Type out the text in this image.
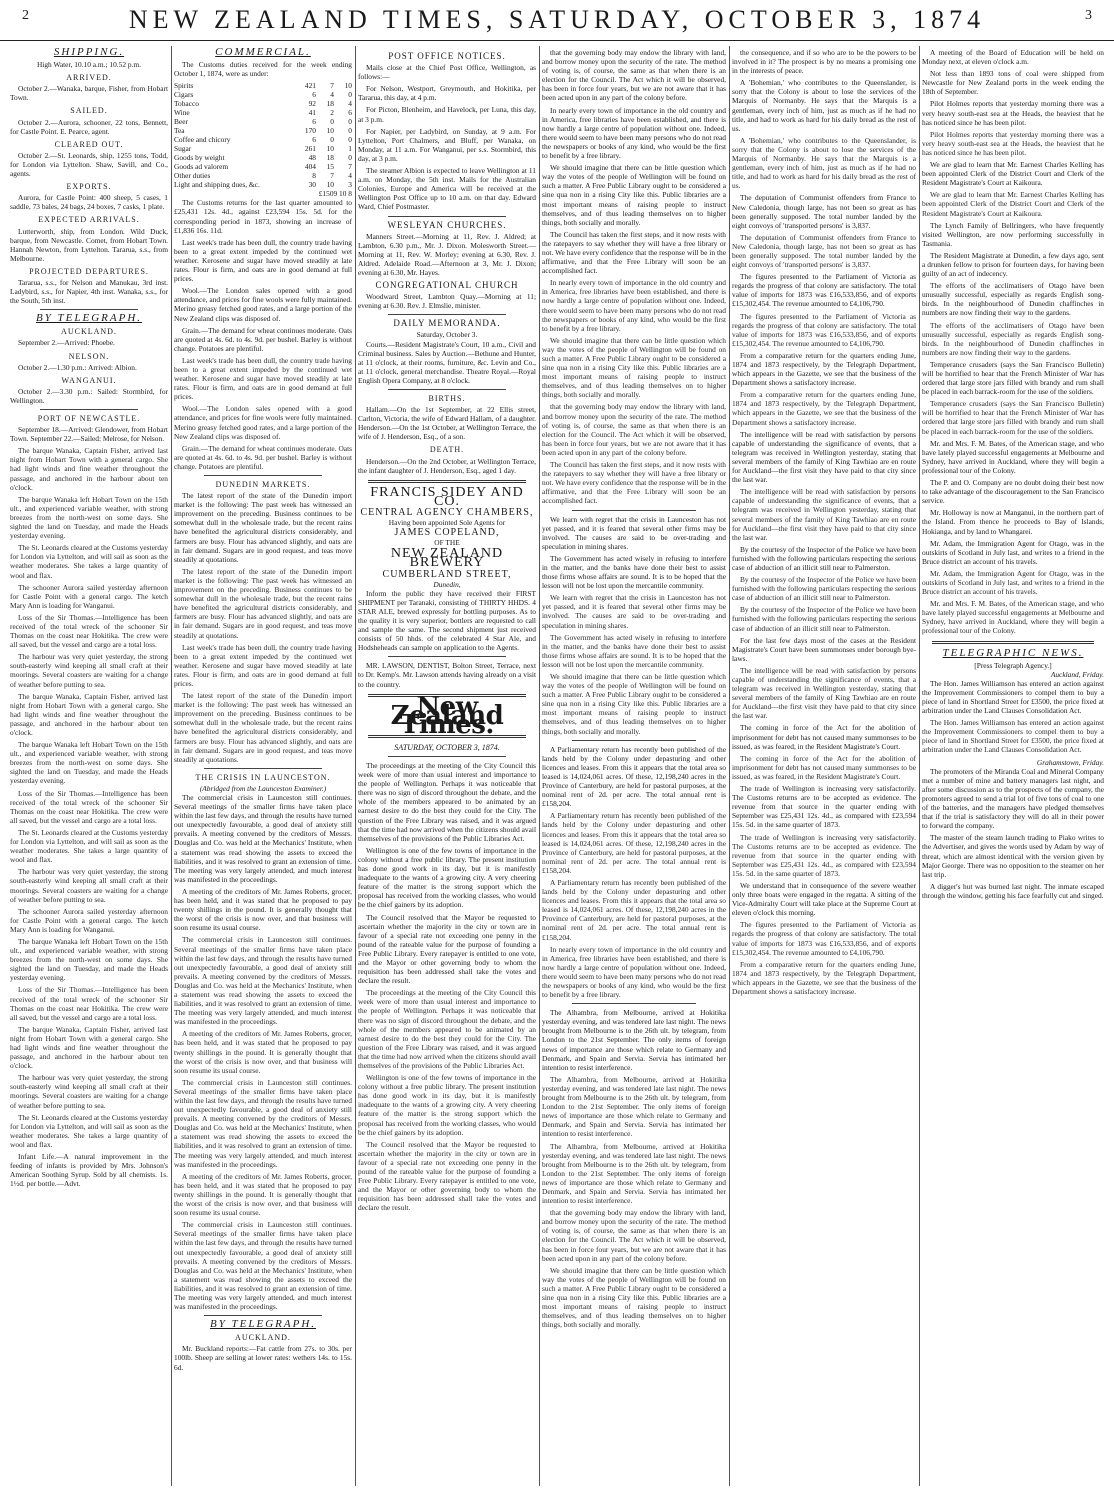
2	NEW ZEALAND TIMES, SATURDAY, OCTOBER 3, 1874	3
SHIPPING.
High Water, 10.10 a.m.; 10.52 p.m.
ARRIVED.
October 2.—Wanaka, barque, Fisher, from Hobart Town.
SAILED.
October 2.—Aurora, schooner, 22 tons, Bennett, for Castle Point. E. Pearce, agent.
CLEARED OUT.
October 2.—St. Leonards, ship, 1255 tons, Todd, for London via Lyttelton. Shaw, Savill, and Co., agents.
EXPORTS.
Aurora, for Castle Point: 400 sheep, 5 cases, 1 saddle, 73 bales, 24 bags, 24 boxes, 7 casks, 1 plate.
EXPECTED ARRIVALS.
Lutterworth, ship, from London. Wild Duck, barque, from Newcastle. Comet, from Hobart Town. Hannah Newton, from Lyttelton. Tararua, s.s., from Melbourne.
PROJECTED DEPARTURES.
Tararua, s.s., for Nelson and Manukau, 3rd inst. Ladybird, s.s., for Napier, 4th inst. Wanaka, s.s., for the South, 5th inst.
BY TELEGRAPH.
AUCKLAND.
September 2.—Arrived: Phoebe.
NELSON.
October 2.—1.30 p.m.: Arrived: Albion.
WANGANUI.
October 2.—3.30 p.m.: Sailed: Stormbird, for Wellington.
PORT OF NEWCASTLE.
September 18.—Arrived: Glendower, from Hobart Town. September 22.—Sailed: Melrose, for Nelson.
The barque Wanaka, Captain Fisher, arrived last night from Hobart Town with a general cargo. She had light winds and fine weather throughout the passage, and anchored in the harbour about ten o'clock.
The barque Wanaka left Hobart Town on the 15th ult., and experienced variable weather, with strong breezes from the north-west on some days. She sighted the land on Tuesday, and made the Heads yesterday evening.
The St. Leonards cleared at the Customs yesterday for London via Lyttelton, and will sail as soon as the weather moderates. She takes a large quantity of wool and flax.
The schooner Aurora sailed yesterday afternoon for Castle Point with a general cargo. The ketch Mary Ann is loading for Wanganui.
Loss of the Sir Thomas.—Intelligence has been received of the total wreck of the schooner Sir Thomas on the coast near Hokitika. The crew were all saved, but the vessel and cargo are a total loss.
The harbour was very quiet yesterday, the strong south-easterly wind keeping all small craft at their moorings. Several coasters are waiting for a change of weather before putting to sea.
The barque Wanaka, Captain Fisher, arrived last night from Hobart Town with a general cargo. She had light winds and fine weather throughout the passage, and anchored in the harbour about ten o'clock.
The barque Wanaka left Hobart Town on the 15th ult., and experienced variable weather, with strong breezes from the north-west on some days. She sighted the land on Tuesday, and made the Heads yesterday evening.
Loss of the Sir Thomas.—Intelligence has been received of the total wreck of the schooner Sir Thomas on the coast near Hokitika. The crew were all saved, but the vessel and cargo are a total loss.
The St. Leonards cleared at the Customs yesterday for London via Lyttelton, and will sail as soon as the weather moderates. She takes a large quantity of wool and flax.
The harbour was very quiet yesterday, the strong south-easterly wind keeping all small craft at their moorings. Several coasters are waiting for a change of weather before putting to sea.
The schooner Aurora sailed yesterday afternoon for Castle Point with a general cargo. The ketch Mary Ann is loading for Wanganui.
The barque Wanaka left Hobart Town on the 15th ult., and experienced variable weather, with strong breezes from the north-west on some days. She sighted the land on Tuesday, and made the Heads yesterday evening.
Loss of the Sir Thomas.—Intelligence has been received of the total wreck of the schooner Sir Thomas on the coast near Hokitika. The crew were all saved, but the vessel and cargo are a total loss.
The barque Wanaka, Captain Fisher, arrived last night from Hobart Town with a general cargo. She had light winds and fine weather throughout the passage, and anchored in the harbour about ten o'clock.
The harbour was very quiet yesterday, the strong south-easterly wind keeping all small craft at their moorings. Several coasters are waiting for a change of weather before putting to sea.
The St. Leonards cleared at the Customs yesterday for London via Lyttelton, and will sail as soon as the weather moderates. She takes a large quantity of wool and flax.
Infant Life.—A natural improvement in the feeding of infants is provided by Mrs. Johnson's American Soothing Syrup. Sold by all chemists. 1s. 1½d. per bottle.—Advt.
COMMERCIAL.
The Customs duties received for the week ending October 1, 1874, were as under:
Spirits	421	7	10
Cigars	6	4	0
Tobacco	92	18	4
Wine	41	2	6
Beer	6	0	0
Tea	170	10	0
Coffee and chicory	6	0	0
Sugar	261	10	1
Goods by weight	48	18	0
Goods ad valorem	404	15	7
Other duties	8	7	4
Light and shipping dues, &c.	30	10	3
£1509 10 8
The Customs returns for the last quarter amounted to £25,431 12s. 4d., against £23,594 15s. 5d. for the corresponding period in 1873, showing an increase of £1,836 16s. 11d.
Last week's trade has been dull, the country trade having been to a great extent impeded by the continued wet weather. Kerosene and sugar have moved steadily at late rates. Flour is firm, and oats are in good demand at full prices.
Wool.—The London sales opened with a good attendance, and prices for fine wools were fully maintained. Merino greasy fetched good rates, and a large portion of the New Zealand clips was disposed of.
Grain.—The demand for wheat continues moderate. Oats are quoted at 4s. 6d. to 4s. 9d. per bushel. Barley is without change. Potatoes are plentiful.
Last week's trade has been dull, the country trade having been to a great extent impeded by the continued wet weather. Kerosene and sugar have moved steadily at late rates. Flour is firm, and oats are in good demand at full prices.
Wool.—The London sales opened with a good attendance, and prices for fine wools were fully maintained. Merino greasy fetched good rates, and a large portion of the New Zealand clips was disposed of.
Grain.—The demand for wheat continues moderate. Oats are quoted at 4s. 6d. to 4s. 9d. per bushel. Barley is without change. Potatoes are plentiful.
DUNEDIN MARKETS.
The latest report of the state of the Dunedin import market is the following: The past week has witnessed an improvement on the preceding. Business continues to be somewhat dull in the wholesale trade, but the recent rains have benefited the agricultural districts considerably, and farmers are busy. Flour has advanced slightly, and oats are in fair demand. Sugars are in good request, and teas move steadily at quotations.
The latest report of the state of the Dunedin import market is the following: The past week has witnessed an improvement on the preceding. Business continues to be somewhat dull in the wholesale trade, but the recent rains have benefited the agricultural districts considerably, and farmers are busy. Flour has advanced slightly, and oats are in fair demand. Sugars are in good request, and teas move steadily at quotations.
Last week's trade has been dull, the country trade having been to a great extent impeded by the continued wet weather. Kerosene and sugar have moved steadily at late rates. Flour is firm, and oats are in good demand at full prices.
The latest report of the state of the Dunedin import market is the following: The past week has witnessed an improvement on the preceding. Business continues to be somewhat dull in the wholesale trade, but the recent rains have benefited the agricultural districts considerably, and farmers are busy. Flour has advanced slightly, and oats are in fair demand. Sugars are in good request, and teas move steadily at quotations.
THE CRISIS IN LAUNCESTON.
(Abridged from the Launceston Examiner.)
The commercial crisis in Launceston still continues. Several meetings of the smaller firms have taken place within the last few days, and through the results have turned out unexpectedly favourable, a good deal of anxiety still prevails. A meeting convened by the creditors of Messrs. Douglas and Co. was held at the Mechanics' Institute, when a statement was read showing the assets to exceed the liabilities, and it was resolved to grant an extension of time. The meeting was very largely attended, and much interest was manifested in the proceedings.
A meeting of the creditors of Mr. James Roberts, grocer, has been held, and it was stated that he proposed to pay twenty shillings in the pound. It is generally thought that the worst of the crisis is now over, and that business will soon resume its usual course.
The commercial crisis in Launceston still continues. Several meetings of the smaller firms have taken place within the last few days, and through the results have turned out unexpectedly favourable, a good deal of anxiety still prevails. A meeting convened by the creditors of Messrs. Douglas and Co. was held at the Mechanics' Institute, when a statement was read showing the assets to exceed the liabilities, and it was resolved to grant an extension of time. The meeting was very largely attended, and much interest was manifested in the proceedings.
A meeting of the creditors of Mr. James Roberts, grocer, has been held, and it was stated that he proposed to pay twenty shillings in the pound. It is generally thought that the worst of the crisis is now over, and that business will soon resume its usual course.
The commercial crisis in Launceston still continues. Several meetings of the smaller firms have taken place within the last few days, and through the results have turned out unexpectedly favourable, a good deal of anxiety still prevails. A meeting convened by the creditors of Messrs. Douglas and Co. was held at the Mechanics' Institute, when a statement was read showing the assets to exceed the liabilities, and it was resolved to grant an extension of time. The meeting was very largely attended, and much interest was manifested in the proceedings.
A meeting of the creditors of Mr. James Roberts, grocer, has been held, and it was stated that he proposed to pay twenty shillings in the pound. It is generally thought that the worst of the crisis is now over, and that business will soon resume its usual course.
The commercial crisis in Launceston still continues. Several meetings of the smaller firms have taken place within the last few days, and through the results have turned out unexpectedly favourable, a good deal of anxiety still prevails. A meeting convened by the creditors of Messrs. Douglas and Co. was held at the Mechanics' Institute, when a statement was read showing the assets to exceed the liabilities, and it was resolved to grant an extension of time. The meeting was very largely attended, and much interest was manifested in the proceedings.
BY TELEGRAPH.
AUCKLAND.
Mr. Buckland reports:—Fat cattle from 27s. to 30s. per 100lb. Sheep are selling at lower rates: wethers 14s. to 15s. 6d.
POST OFFICE NOTICES.
Mails close at the Chief Post Office, Wellington, as follows:—
For Nelson, Westport, Greymouth, and Hokitika, per Tararua, this day, at 4 p.m.
For Picton, Blenheim, and Havelock, per Luna, this day, at 3 p.m.
For Napier, per Ladybird, on Sunday, at 9 a.m. For Lyttelton, Port Chalmers, and Bluff, per Wanaka, on Monday, at 11 a.m. For Wanganui, per s.s. Stormbird, this day, at 3 p.m.
The steamer Albion is expected to leave Wellington at 11 a.m. on Monday, the 5th inst. Mails for the Australian Colonies, Europe and America will be received at the Wellington Post Office up to 10 a.m. on that day. Edward Ward, Chief Postmaster.
WESLEYAN CHURCHES.
Manners Street.—Morning at 11, Rev. J. Aldred; at Lambton, 6.30 p.m., Mr. J. Dixon. Molesworth Street.—Morning at 11, Rev. W. Morley; evening at 6.30, Rev. J. Aldred. Adelaide Road.—Afternoon at 3, Mr. J. Dixon; evening at 6.30, Mr. Hayes.
CONGREGATIONAL CHURCH
Woodward Street, Lambton Quay.—Morning at 11; evening at 6.30. Rev. J. Elmslie, minister.
DAILY MEMORANDA.
Saturday, October 3.
Courts.—Resident Magistrate's Court, 10 a.m., Civil and Criminal business. Sales by Auction.—Bethune and Hunter, at 11 o'clock, at their rooms, furniture, &c. Levin and Co., at 11 o'clock, general merchandise. Theatre Royal.—Royal English Opera Company, at 8 o'clock.
BIRTHS.
Hallam.—On the 1st September, at 22 Ellis street, Carlton, Victoria, the wife of Edward Hallam, of a daughter. Henderson.—On the 1st October, at Wellington Terrace, the wife of J. Henderson, Esq., of a son.
DEATH.
Henderson.—On the 2nd October, at Wellington Terrace, the infant daughter of J. Henderson, Esq., aged 1 day.
FRANCIS SIDEY AND CO.
CENTRAL AGENCY CHAMBERS,
Having been appointed Sole Agents for
JAMES COPELAND,
OF THE
NEW ZEALAND BREWERY
CUMBERLAND STREET,
Dunedin,
Inform the public they have received their FIRST SHIPMENT per Taranaki, consisting of THIRTY HHDS. 4 STAR ALE, brewed expressly for bottling purposes. As to the quality it is very superior, bottlers are requested to call and sample the same. The second shipment just received consists of 50 hhds. of the celebrated 4 Star Ale, and Hodsheheads can sample on application to the Agents.
MR. LAWSON, DENTIST, Bolton Street, Terrace, next to Dr. Kemp's. Mr. Lawson attends having already on a visit to the country.
New Zealand Times.
SATURDAY, OCTOBER 3, 1874.
The proceedings at the meeting of the City Council this week were of more than usual interest and importance to the people of Wellington. Perhaps it was noticeable that there was no sign of discord throughout the debate, and the whole of the members appeared to be animated by an earnest desire to do the best they could for the City. The question of the Free Library was raised, and it was argued that the time had now arrived when the citizens should avail themselves of the provisions of the Public Libraries Act.
Wellington is one of the few towns of importance in the colony without a free public library. The present institution has done good work in its day, but it is manifestly inadequate to the wants of a growing city. A very cheering feature of the matter is the strong support which the proposal has received from the working classes, who would be the chief gainers by its adoption.
The Council resolved that the Mayor be requested to ascertain whether the majority in the city or town are in favour of a special rate not exceeding one penny in the pound of the rateable value for the purpose of founding a Free Public Library. Every ratepayer is entitled to one vote, and the Mayor or other governing body to whom the requisition has been addressed shall take the votes and declare the result.
The proceedings at the meeting of the City Council this week were of more than usual interest and importance to the people of Wellington. Perhaps it was noticeable that there was no sign of discord throughout the debate, and the whole of the members appeared to be animated by an earnest desire to do the best they could for the City. The question of the Free Library was raised, and it was argued that the time had now arrived when the citizens should avail themselves of the provisions of the Public Libraries Act.
Wellington is one of the few towns of importance in the colony without a free public library. The present institution has done good work in its day, but it is manifestly inadequate to the wants of a growing city. A very cheering feature of the matter is the strong support which the proposal has received from the working classes, who would be the chief gainers by its adoption.
The Council resolved that the Mayor be requested to ascertain whether the majority in the city or town are in favour of a special rate not exceeding one penny in the pound of the rateable value for the purpose of founding a Free Public Library. Every ratepayer is entitled to one vote, and the Mayor or other governing body to whom the requisition has been addressed shall take the votes and declare the result.
that the governing body may endow the library with land, and borrow money upon the security of the rate. The method of voting is, of course, the same as that when there is an election for the Council. The Act which it will be observed, has been in force four years, but we are not aware that it has been acted upon in any part of the colony before.
In nearly every town of importance in the old country and in America, free libraries have been established, and there is now hardly a large centre of population without one. Indeed, there would seem to have been many persons who do not read the newspapers or books of any kind, who would be the first to benefit by a free library.
We should imagine that there can be little question which way the votes of the people of Wellington will be found on such a matter. A Free Public Library ought to be considered a sine qua non in a rising City like this. Public libraries are a most important means of raising people to instruct themselves, and of thus leading themselves on to higher things, both socially and morally.
The Council has taken the first steps, and it now rests with the ratepayers to say whether they will have a free library or not. We have every confidence that the response will be in the affirmative, and that the Free Library will soon be an accomplished fact.
In nearly every town of importance in the old country and in America, free libraries have been established, and there is now hardly a large centre of population without one. Indeed, there would seem to have been many persons who do not read the newspapers or books of any kind, who would be the first to benefit by a free library.
We should imagine that there can be little question which way the votes of the people of Wellington will be found on such a matter. A Free Public Library ought to be considered a sine qua non in a rising City like this. Public libraries are a most important means of raising people to instruct themselves, and of thus leading themselves on to higher things, both socially and morally.
that the governing body may endow the library with land, and borrow money upon the security of the rate. The method of voting is, of course, the same as that when there is an election for the Council. The Act which it will be observed, has been in force four years, but we are not aware that it has been acted upon in any part of the colony before.
The Council has taken the first steps, and it now rests with the ratepayers to say whether they will have a free library or not. We have every confidence that the response will be in the affirmative, and that the Free Library will soon be an accomplished fact.
We learn with regret that the crisis in Launceston has not yet passed, and it is feared that several other firms may be involved. The causes are said to be over-trading and speculation in mining shares.
The Government has acted wisely in refusing to interfere in the matter, and the banks have done their best to assist those firms whose affairs are sound. It is to be hoped that the lesson will not be lost upon the mercantile community.
We learn with regret that the crisis in Launceston has not yet passed, and it is feared that several other firms may be involved. The causes are said to be over-trading and speculation in mining shares.
The Government has acted wisely in refusing to interfere in the matter, and the banks have done their best to assist those firms whose affairs are sound. It is to be hoped that the lesson will not be lost upon the mercantile community.
We should imagine that there can be little question which way the votes of the people of Wellington will be found on such a matter. A Free Public Library ought to be considered a sine qua non in a rising City like this. Public libraries are a most important means of raising people to instruct themselves, and of thus leading themselves on to higher things, both socially and morally.
A Parliamentary return has recently been published of the lands held by the Colony under depasturing and other licences and leases. From this it appears that the total area so leased is 14,024,061 acres. Of these, 12,198,240 acres in the Province of Canterbury, are held for pastoral purposes, at the nominal rent of 2d. per acre. The total annual rent is £158,204.
A Parliamentary return has recently been published of the lands held by the Colony under depasturing and other licences and leases. From this it appears that the total area so leased is 14,024,061 acres. Of these, 12,198,240 acres in the Province of Canterbury, are held for pastoral purposes, at the nominal rent of 2d. per acre. The total annual rent is £158,204.
A Parliamentary return has recently been published of the lands held by the Colony under depasturing and other licences and leases. From this it appears that the total area so leased is 14,024,061 acres. Of these, 12,198,240 acres in the Province of Canterbury, are held for pastoral purposes, at the nominal rent of 2d. per acre. The total annual rent is £158,204.
In nearly every town of importance in the old country and in America, free libraries have been established, and there is now hardly a large centre of population without one. Indeed, there would seem to have been many persons who do not read the newspapers or books of any kind, who would be the first to benefit by a free library.
The Alhambra, from Melbourne, arrived at Hokitika yesterday evening, and was tendered late last night. The news brought from Melbourne is to the 26th ult. by telegram, from London to the 21st September. The only items of foreign news of importance are those which relate to Germany and Denmark, and Spain and Servia. Servia has intimated her intention to resist interference.
The Alhambra, from Melbourne, arrived at Hokitika yesterday evening, and was tendered late last night. The news brought from Melbourne is to the 26th ult. by telegram, from London to the 21st September. The only items of foreign news of importance are those which relate to Germany and Denmark, and Spain and Servia. Servia has intimated her intention to resist interference.
The Alhambra, from Melbourne, arrived at Hokitika yesterday evening, and was tendered late last night. The news brought from Melbourne is to the 26th ult. by telegram, from London to the 21st September. The only items of foreign news of importance are those which relate to Germany and Denmark, and Spain and Servia. Servia has intimated her intention to resist interference.
that the governing body may endow the library with land, and borrow money upon the security of the rate. The method of voting is, of course, the same as that when there is an election for the Council. The Act which it will be observed, has been in force four years, but we are not aware that it has been acted upon in any part of the colony before.
We should imagine that there can be little question which way the votes of the people of Wellington will be found on such a matter. A Free Public Library ought to be considered a sine qua non in a rising City like this. Public libraries are a most important means of raising people to instruct themselves, and of thus leading themselves on to higher things, both socially and morally.
the consequence, and if so who are to be the powers to be involved in it? The prospect is by no means a promising one in the interests of peace.
A 'Bohemian,' who contributes to the Queenslander, is sorry that the Colony is about to lose the services of the Marquis of Normanby. He says that the Marquis is a gentleman, every inch of him, just as much as if he had no title, and had to work as hard for his daily bread as the rest of us.
A 'Bohemian,' who contributes to the Queenslander, is sorry that the Colony is about to lose the services of the Marquis of Normanby. He says that the Marquis is a gentleman, every inch of him, just as much as if he had no title, and had to work as hard for his daily bread as the rest of us.
The deputation of Communist offenders from France to New Caledonia, though large, has not been so great as has been generally supposed. The total number landed by the eight convoys of 'transported persons' is 3,837.
The deputation of Communist offenders from France to New Caledonia, though large, has not been so great as has been generally supposed. The total number landed by the eight convoys of 'transported persons' is 3,837.
The figures presented to the Parliament of Victoria as regards the progress of that colony are satisfactory. The total value of imports for 1873 was £16,533,856, and of exports £15,302,454. The revenue amounted to £4,106,790.
The figures presented to the Parliament of Victoria as regards the progress of that colony are satisfactory. The total value of imports for 1873 was £16,533,856, and of exports £15,302,454. The revenue amounted to £4,106,790.
From a comparative return for the quarters ending June, 1874 and 1873 respectively, by the Telegraph Department, which appears in the Gazette, we see that the business of the Department shows a satisfactory increase.
From a comparative return for the quarters ending June, 1874 and 1873 respectively, by the Telegraph Department, which appears in the Gazette, we see that the business of the Department shows a satisfactory increase.
The intelligence will be read with satisfaction by persons capable of understanding the significance of events, that a telegram was received in Wellington yesterday, stating that several members of the family of King Tawhiao are en route for Auckland—the first visit they have paid to that city since the last war.
The intelligence will be read with satisfaction by persons capable of understanding the significance of events, that a telegram was received in Wellington yesterday, stating that several members of the family of King Tawhiao are en route for Auckland—the first visit they have paid to that city since the last war.
By the courtesy of the Inspector of the Police we have been furnished with the following particulars respecting the serious case of abduction of an illicit still near to Palmerston.
By the courtesy of the Inspector of the Police we have been furnished with the following particulars respecting the serious case of abduction of an illicit still near to Palmerston.
By the courtesy of the Inspector of the Police we have been furnished with the following particulars respecting the serious case of abduction of an illicit still near to Palmerston.
For the last few days most of the cases at the Resident Magistrate's Court have been summonses under borough bye-laws.
The intelligence will be read with satisfaction by persons capable of understanding the significance of events, that a telegram was received in Wellington yesterday, stating that several members of the family of King Tawhiao are en route for Auckland—the first visit they have paid to that city since the last war.
The coming in force of the Act for the abolition of imprisonment for debt has not caused many summonses to be issued, as was feared, in the Resident Magistrate's Court.
The coming in force of the Act for the abolition of imprisonment for debt has not caused many summonses to be issued, as was feared, in the Resident Magistrate's Court.
The trade of Wellington is increasing very satisfactorily. The Customs returns are to be accepted as evidence. The revenue from that source in the quarter ending with September was £25,431 12s. 4d., as compared with £23,594 15s. 5d. in the same quarter of 1873.
The trade of Wellington is increasing very satisfactorily. The Customs returns are to be accepted as evidence. The revenue from that source in the quarter ending with September was £25,431 12s. 4d., as compared with £23,594 15s. 5d. in the same quarter of 1873.
We understand that in consequence of the severe weather only three boats were engaged in the regatta. A sitting of the Vice-Admiralty Court will take place at the Supreme Court at eleven o'clock this morning.
The figures presented to the Parliament of Victoria as regards the progress of that colony are satisfactory. The total value of imports for 1873 was £16,533,856, and of exports £15,302,454. The revenue amounted to £4,106,790.
From a comparative return for the quarters ending June, 1874 and 1873 respectively, by the Telegraph Department, which appears in the Gazette, we see that the business of the Department shows a satisfactory increase.
A meeting of the Board of Education will be held on Monday next, at eleven o'clock a.m.
Not less than 1893 tons of coal were shipped from Newcastle for New Zealand ports in the week ending the 18th of September.
Pilot Holmes reports that yesterday morning there was a very heavy south-east sea at the Heads, the heaviest that he has noticed since he has been pilot.
Pilot Holmes reports that yesterday morning there was a very heavy south-east sea at the Heads, the heaviest that he has noticed since he has been pilot.
We are glad to learn that Mr. Earnest Charles Kelling has been appointed Clerk of the District Court and Clerk of the Resident Magistrate's Court at Kaikoura.
We are glad to learn that Mr. Earnest Charles Kelling has been appointed Clerk of the District Court and Clerk of the Resident Magistrate's Court at Kaikoura.
The Lynch Family of Bellringers, who have frequently visited Wellington, are now performing successfully in Tasmania.
The Resident Magistrate at Dunedin, a few days ago, sent a drunken fellow to prison for fourteen days, for having been guilty of an act of indecency.
The efforts of the acclimatisers of Otago have been unusually successful, especially as regards English song-birds. In the neighbourhood of Dunedin chaffinches in numbers are now finding their way to the gardens.
The efforts of the acclimatisers of Otago have been unusually successful, especially as regards English song-birds. In the neighbourhood of Dunedin chaffinches in numbers are now finding their way to the gardens.
Temperance crusaders (says the San Francisco Bulletin) will be horrified to hear that the French Minister of War has ordered that large store jars filled with brandy and rum shall be placed in each barrack-room for the use of the soldiers.
Temperance crusaders (says the San Francisco Bulletin) will be horrified to hear that the French Minister of War has ordered that large store jars filled with brandy and rum shall be placed in each barrack-room for the use of the soldiers.
Mr. and Mrs. F. M. Bates, of the American stage, and who have lately played successful engagements at Melbourne and Sydney, have arrived in Auckland, where they will begin a professional tour of the Colony.
The P. and O. Company are no doubt doing their best now to take advantage of the discouragement to the San Francisco service.
Mr. Holloway is now at Manganui, in the northern part of the Island. From thence he proceeds to Bay of Islands, Hokianga, and by land to Whangarei.
Mr. Adam, the Immigration Agent for Otago, was in the outskirts of Scotland in July last, and writes to a friend in the Bruce district an account of his travels.
Mr. Adam, the Immigration Agent for Otago, was in the outskirts of Scotland in July last, and writes to a friend in the Bruce district an account of his travels.
Mr. and Mrs. F. M. Bates, of the American stage, and who have lately played successful engagements at Melbourne and Sydney, have arrived in Auckland, where they will begin a professional tour of the Colony.
TELEGRAPHIC NEWS.
[Press Telegraph Agency.]
Auckland, Friday.
The Hon. James Williamson has entered an action against the Improvement Commissioners to compel them to buy a piece of land in Shortland Street for £3500, the price fixed at arbitration under the Land Clauses Consolidation Act.
The Hon. James Williamson has entered an action against the Improvement Commissioners to compel them to buy a piece of land in Shortland Street for £3500, the price fixed at arbitration under the Land Clauses Consolidation Act.
Grahamstown, Friday.
The promoters of the Miranda Coal and Mineral Company met a number of mine and battery managers last night, and after some discussion as to the prospects of the company, the promoters agreed to send a trial lot of five tons of coal to one of the batteries, and the managers have pledged themselves that if the trial is satisfactory they will do all in their power to forward the company.
The master of the steam launch trading to Piako writes to the Advertiser, and gives the words used by Adam by way of threat, which are almost identical with the version given by Major George. There was no opposition to the steamer on her last trip.
A digger's hut was burned last night. The inmate escaped through the window, getting his face fearfully cut and singed.
